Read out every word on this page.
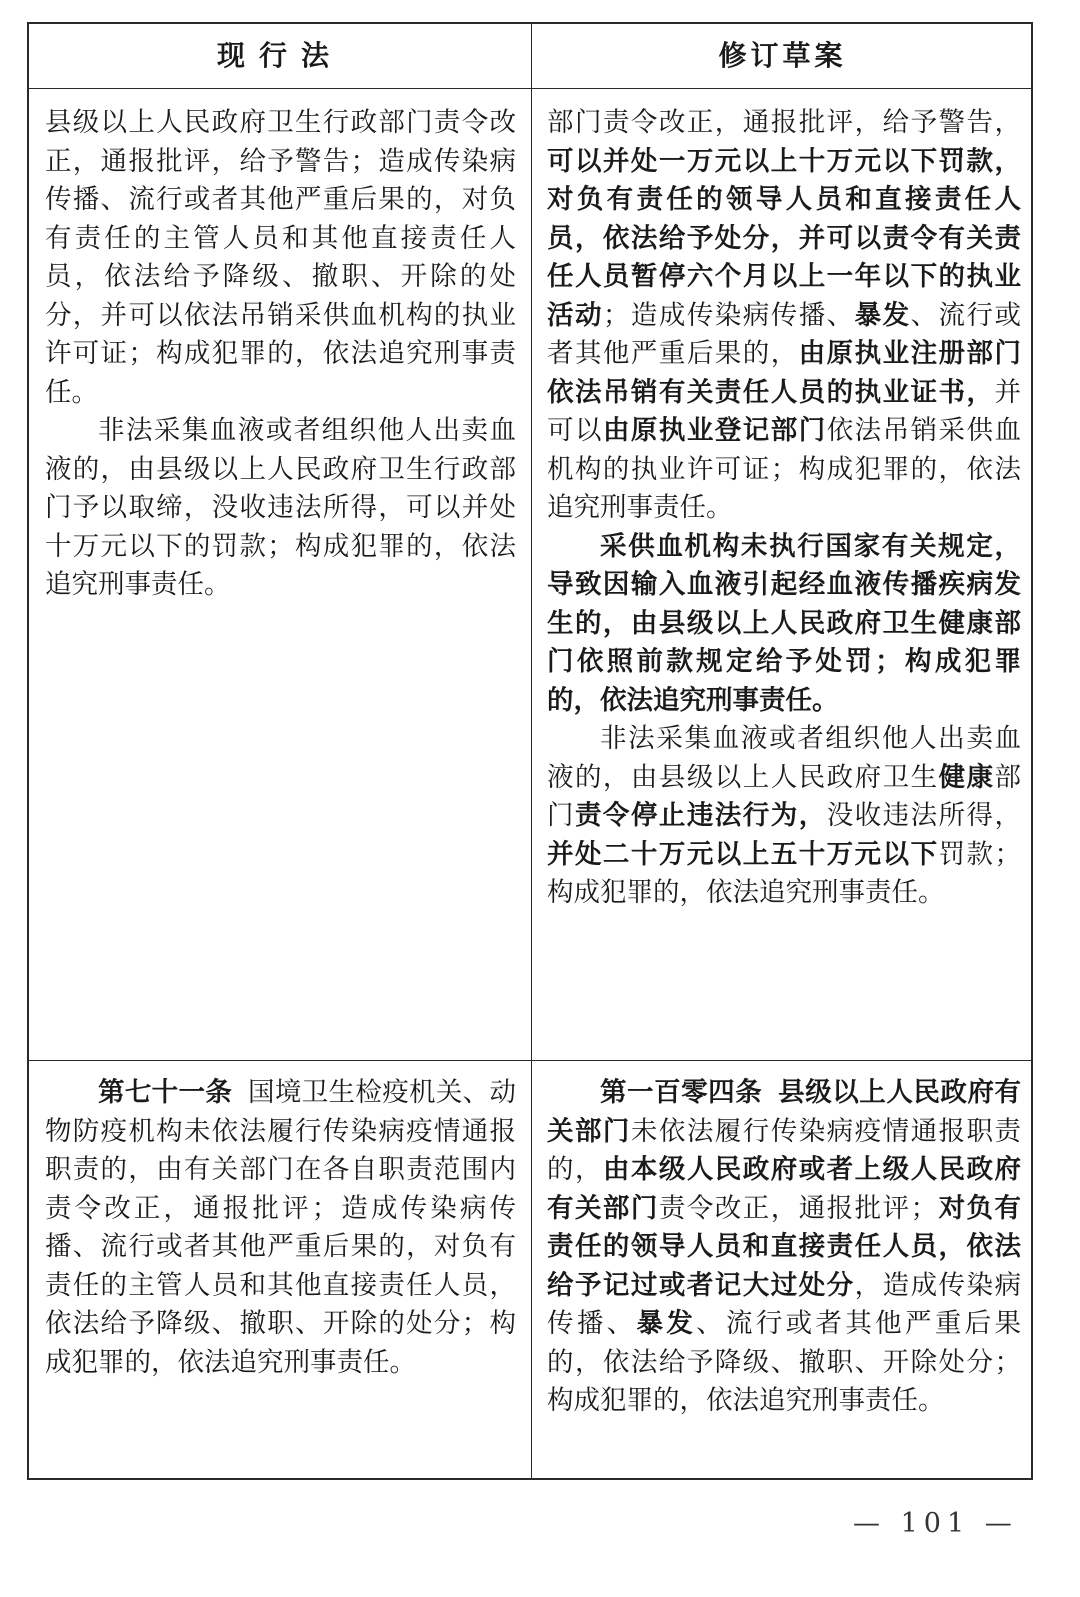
现行法	修订草案

县级以上人民政府卫生行政部门责令改正，通报批评，给予警告；造成传染病传播、流行或者其他严重后果的，对负有责任的主管人员和其他直接责任人员，依法给予降级、撤职、开除的处分，并可以依法吊销采供血机构的执业许可证；构成犯罪的，依法追究刑事责任。

非法采集血液或者组织他人出卖血液的，由县级以上人民政府卫生行政部门予以取缔，没收违法所得，可以并处十万元以下的罚款；构成犯罪的，依法追究刑事责任。

部门责令改正，通报批评，给予警告，可以并处一万元以上十万元以下罚款，对负有责任的领导人员和直接责任人员，依法给予处分，并可以责令有关责任人员暂停六个月以上一年以下的执业活动；造成传染病传播、暴发、流行或者其他严重后果的，由原执业注册部门依法吊销有关责任人员的执业证书，并可以由原执业登记部门依法吊销采供血机构的执业许可证；构成犯罪的，依法追究刑事责任。

采供血机构未执行国家有关规定，导致因输入血液引起经血液传播疾病发生的，由县级以上人民政府卫生健康部门依照前款规定给予处罚；构成犯罪的，依法追究刑事责任。

非法采集血液或者组织他人出卖血液的，由县级以上人民政府卫生健康部门责令停止违法行为，没收违法所得，并处二十万元以上五十万元以下罚款；构成犯罪的，依法追究刑事责任。

第七十一条 国境卫生检疫机关、动物防疫机构未依法履行传染病疫情通报职责的，由有关部门在各自职责范围内责令改正，通报批评；造成传染病传播、流行或者其他严重后果的，对负有责任的主管人员和其他直接责任人员，依法给予降级、撤职、开除的处分；构成犯罪的，依法追究刑事责任。

第一百零四条 县级以上人民政府有关部门未依法履行传染病疫情通报职责的，由本级人民政府或者上级人民政府有关部门责令改正，通报批评；对负有责任的领导人员和直接责任人员，依法给予记过或者记大过处分，造成传染病传播、暴发、流行或者其他严重后果的，依法给予降级、撤职、开除处分；构成犯罪的，依法追究刑事责任。

— 101 —
